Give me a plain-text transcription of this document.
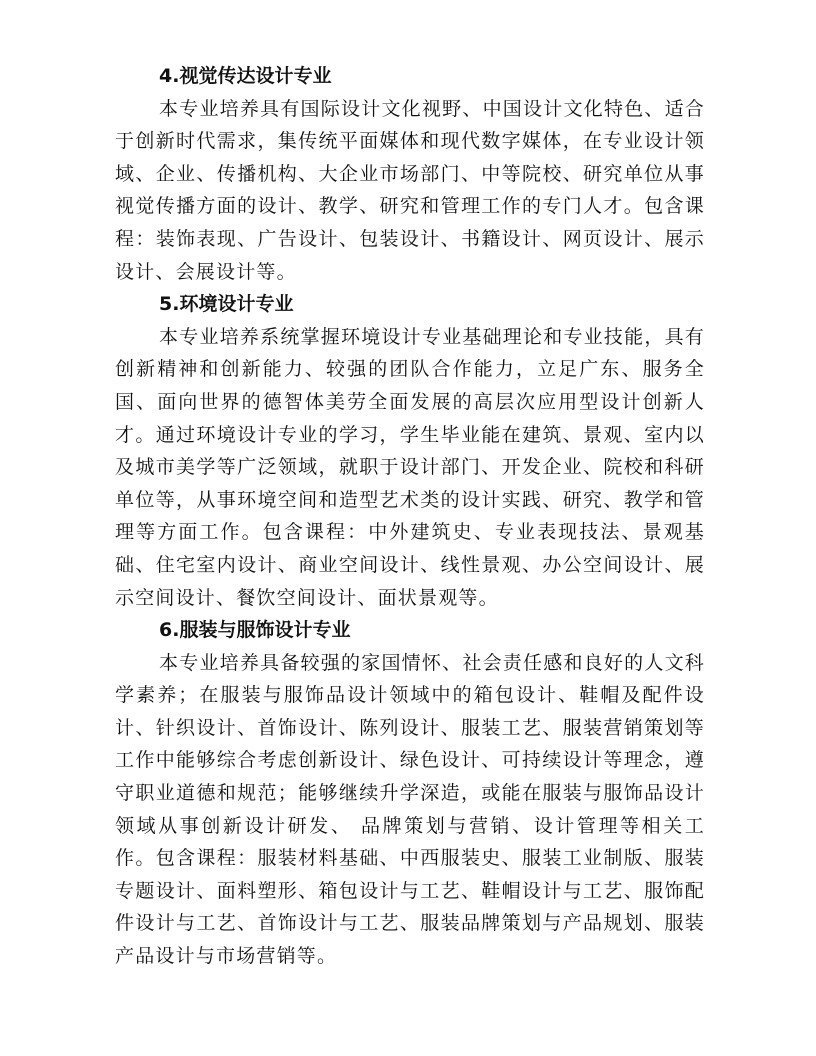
4.视觉传达设计专业

本专业培养具有国际设计文化视野、中国设计文化特色、适合于创新时代需求，集传统平面媒体和现代数字媒体，在专业设计领域、企业、传播机构、大企业市场部门、中等院校、研究单位从事视觉传播方面的设计、教学、研究和管理工作的专门人才。包含课程：装饰表现、广告设计、包装设计、书籍设计、网页设计、展示设计、会展设计等。

5.环境设计专业

本专业培养系统掌握环境设计专业基础理论和专业技能，具有创新精神和创新能力、较强的团队合作能力，立足广东、服务全国、面向世界的德智体美劳全面发展的高层次应用型设计创新人才。通过环境设计专业的学习，学生毕业能在建筑、景观、室内以及城市美学等广泛领域，就职于设计部门、开发企业、院校和科研单位等，从事环境空间和造型艺术类的设计实践、研究、教学和管理等方面工作。包含课程：中外建筑史、专业表现技法、景观基础、住宅室内设计、商业空间设计、线性景观、办公空间设计、展示空间设计、餐饮空间设计、面状景观等。

6.服装与服饰设计专业

本专业培养具备较强的家国情怀、社会责任感和良好的人文科学素养；在服装与服饰品设计领域中的箱包设计、鞋帽及配件设计、针织设计、首饰设计、陈列设计、服装工艺、服装营销策划等工作中能够综合考虑创新设计、绿色设计、可持续设计等理念，遵守职业道德和规范；能够继续升学深造，或能在服装与服饰品设计领域从事创新设计研发、 品牌策划与营销、设计管理等相关工作。包含课程：服装材料基础、中西服装史、服装工业制版、服装专题设计、面料塑形、箱包设计与工艺、鞋帽设计与工艺、服饰配件设计与工艺、首饰设计与工艺、服装品牌策划与产品规划、服装产品设计与市场营销等。
